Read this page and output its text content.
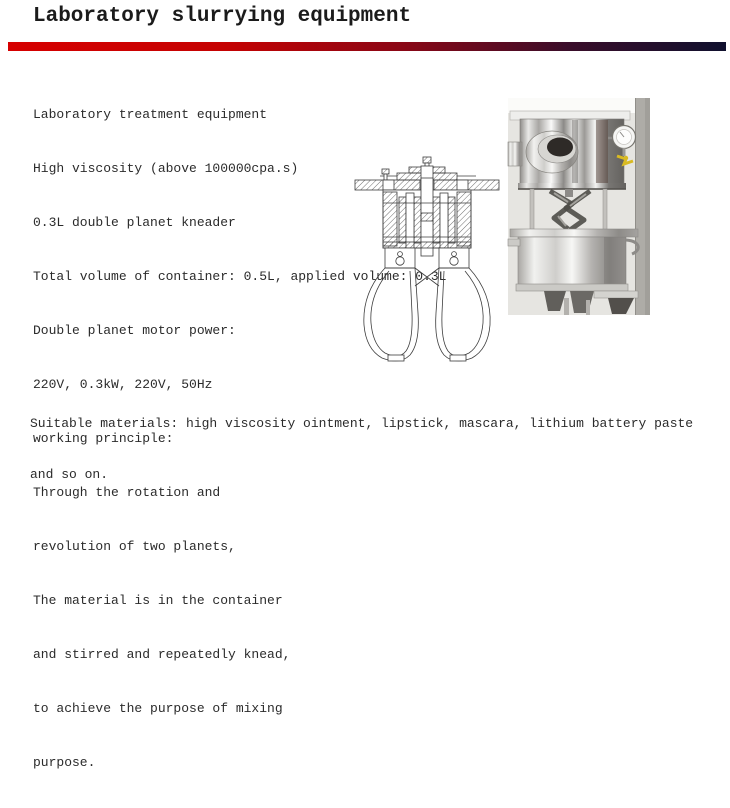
Laboratory slurrying equipment

Laboratory treatment equipment

High viscosity (above 100000cpa.s)

0.3L double planet kneader

Total volume of container: 0.5L, applied volume: 0.3L

Double planet motor power:

220V, 0.3kW, 220V, 50Hz

working principle:

Through the rotation and

revolution of two planets,

The material is in the container

and stirred and repeatedly knead,

to achieve the purpose of mixing

purpose.

Suitable materials: high viscosity ointment, lipstick, mascara, lithium battery paste

and so on.
